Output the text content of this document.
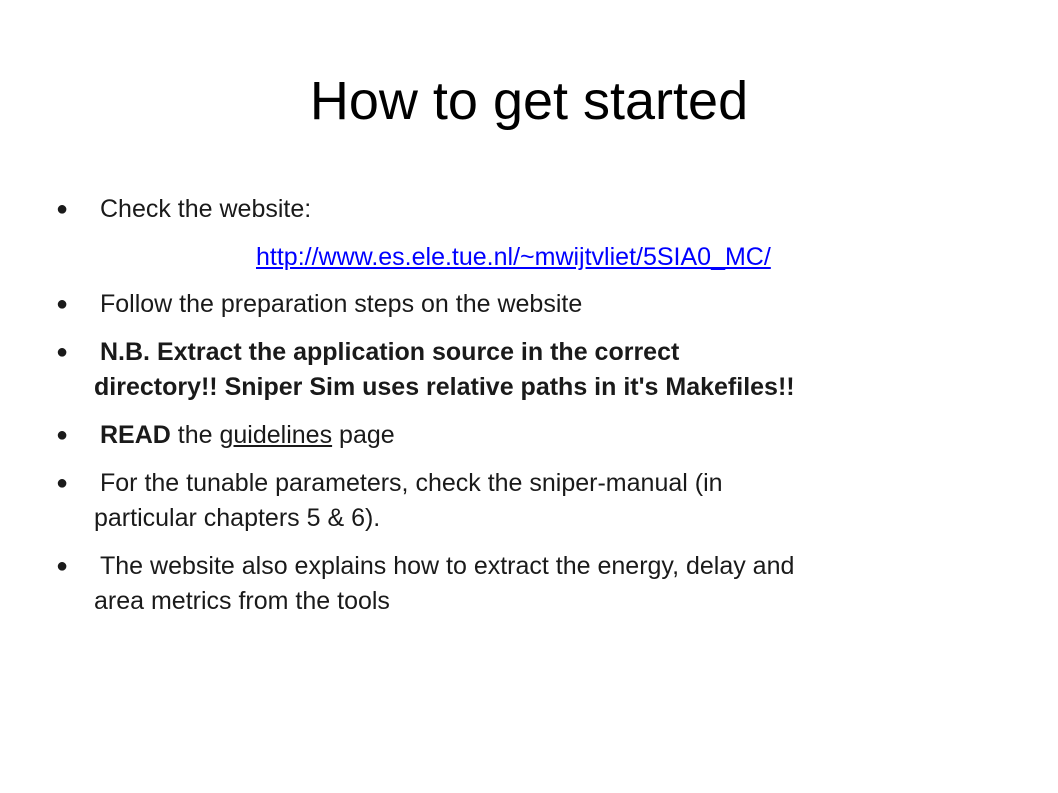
How to get started
●	Check the website:
http://www.es.ele.tue.nl/~mwijtvliet/5SIA0_MC/
●	Follow the preparation steps on the website
●	N.B. Extract the application source in the correct
directory!! Sniper Sim uses relative paths in it's Makefiles!!
●	READ the guidelines page
●	For the tunable parameters, check the sniper-manual (in
particular chapters 5 & 6).
●	The website also explains how to extract the energy, delay and
area metrics from the tools
